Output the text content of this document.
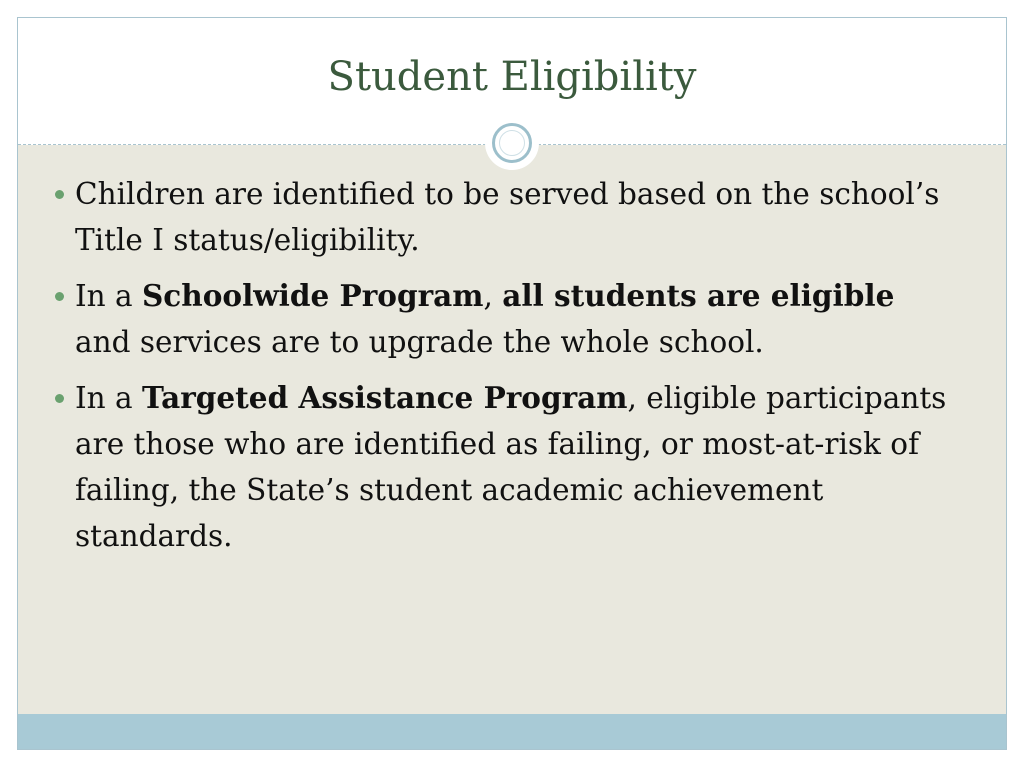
Student Eligibility
Children are identified to be served based on the school’s Title I status/eligibility.
In a Schoolwide Program, all students are eligible and services are to upgrade the whole school.
In a Targeted Assistance Program, eligible participants are those who are identified as failing, or most-at-risk of failing, the State’s student academic achievement standards.
